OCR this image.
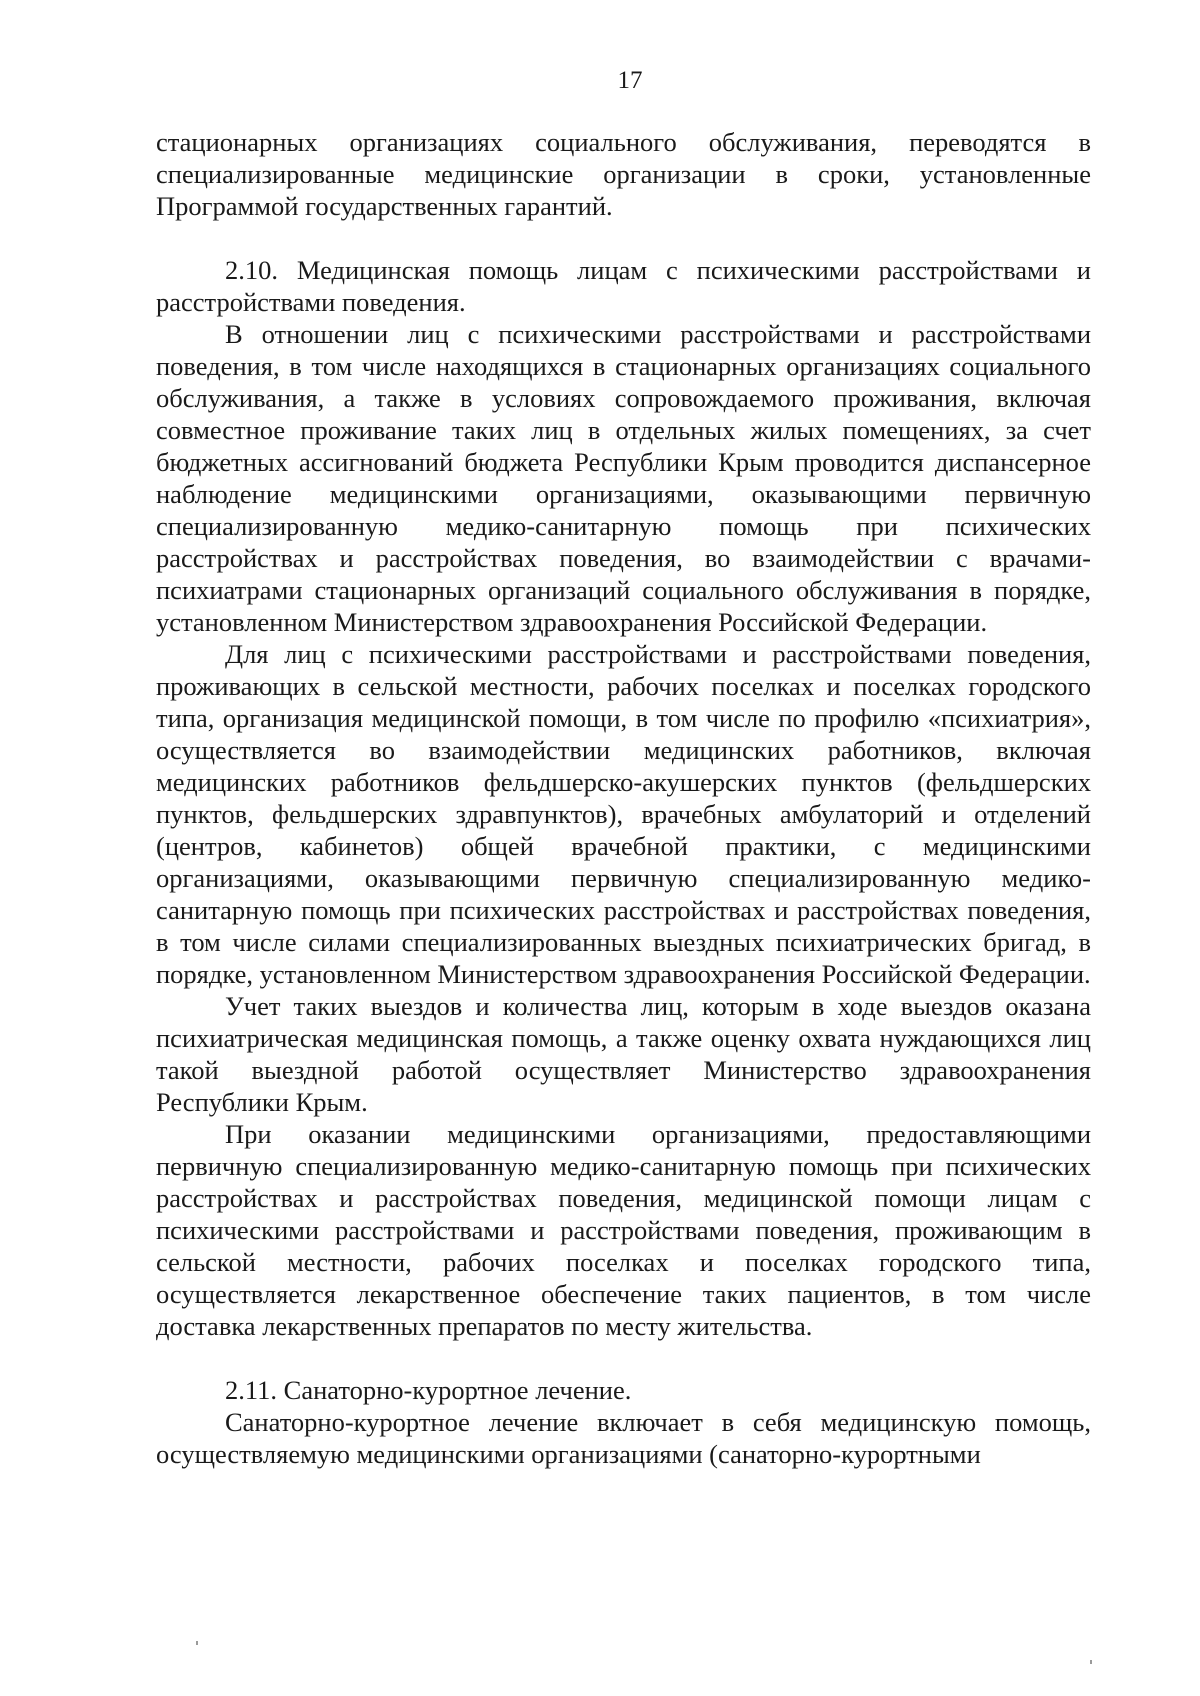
17

стационарных организациях социального обслуживания, переводятся в специализированные медицинские организации в сроки, установленные Программой государственных гарантий.

2.10. Медицинская помощь лицам с психическими расстройствами и расстройствами поведения.

В отношении лиц с психическими расстройствами и расстройствами поведения, в том числе находящихся в стационарных организациях социального обслуживания, а также в условиях сопровождаемого проживания, включая совместное проживание таких лиц в отдельных жилых помещениях, за счет бюджетных ассигнований бюджета Республики Крым проводится диспансерное наблюдение медицинскими организациями, оказывающими первичную специализированную медико-санитарную помощь при психических расстройствах и расстройствах поведения, во взаимодействии с врачами-психиатрами стационарных организаций социального обслуживания в порядке, установленном Министерством здравоохранения Российской Федерации.

Для лиц с психическими расстройствами и расстройствами поведения, проживающих в сельской местности, рабочих поселках и поселках городского типа, организация медицинской помощи, в том числе по профилю «психиатрия», осуществляется во взаимодействии медицинских работников, включая медицинских работников фельдшерско-акушерских пунктов (фельдшерских пунктов, фельдшерских здравпунктов), врачебных амбулаторий и отделений (центров, кабинетов) общей врачебной практики, с медицинскими организациями, оказывающими первичную специализированную медико-санитарную помощь при психических расстройствах и расстройствах поведения, в том числе силами специализированных выездных психиатрических бригад, в порядке, установленном Министерством здравоохранения Российской Федерации.

Учет таких выездов и количества лиц, которым в ходе выездов оказана психиатрическая медицинская помощь, а также оценку охвата нуждающихся лиц такой выездной работой осуществляет Министерство здравоохранения Республики Крым.

При оказании медицинскими организациями, предоставляющими первичную специализированную медико-санитарную помощь при психических расстройствах и расстройствах поведения, медицинской помощи лицам с психическими расстройствами и расстройствами поведения, проживающим в сельской местности, рабочих поселках и поселках городского типа, осуществляется лекарственное обеспечение таких пациентов, в том числе доставка лекарственных препаратов по месту жительства.

2.11. Санаторно-курортное лечение.

Санаторно-курортное лечение включает в себя медицинскую помощь, осуществляемую медицинскими организациями (санаторно-курортными
